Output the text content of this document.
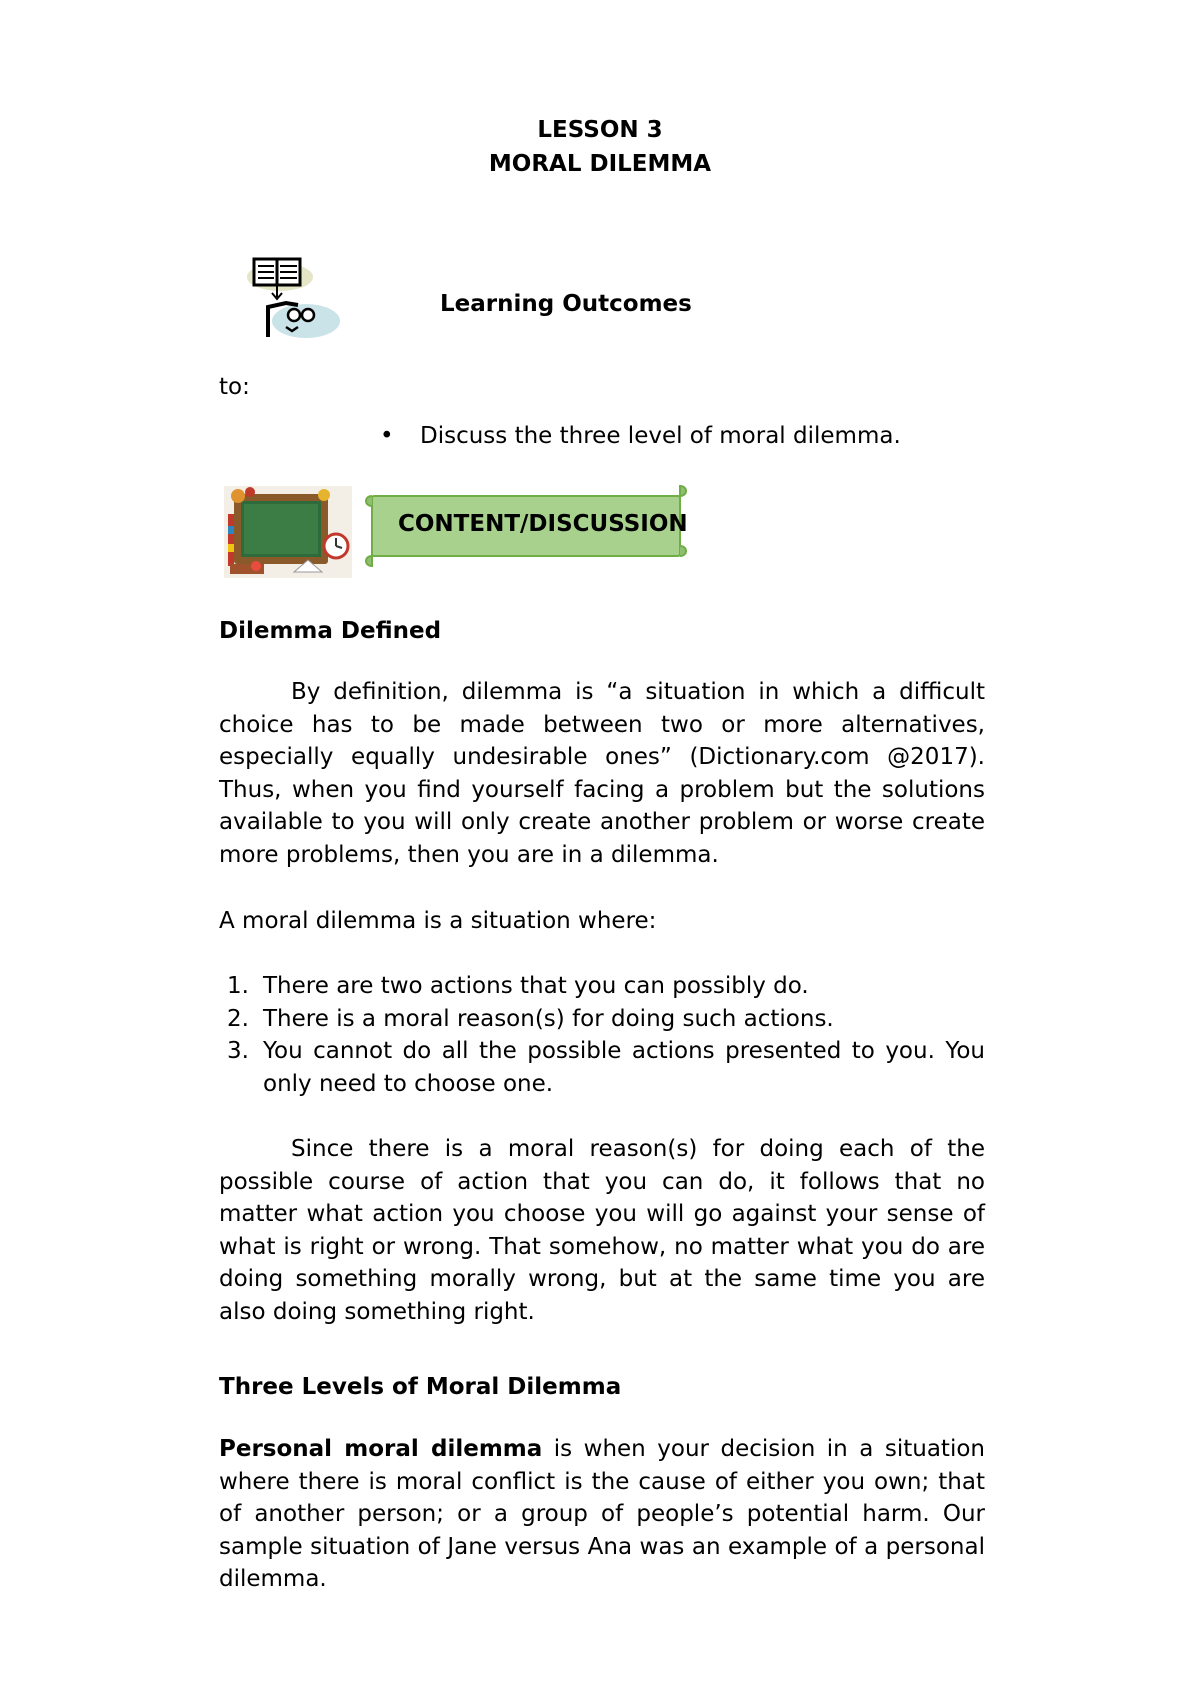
LESSON 3
MORAL DILEMMA
Learning Outcomes
to:
• Discuss the three level of moral dilemma.
CONTENT/DISCUSSION
Dilemma Defined
By definition, dilemma is “a situation in which a difficult choice has to be made between two or more alternatives, especially equally undesirable ones” (Dictionary.com @2017). Thus, when you find yourself facing a problem but the solutions available to you will only create another problem or worse create more problems, then you are in a dilemma.
A moral dilemma is a situation where:
1. There are two actions that you can possibly do.
2. There is a moral reason(s) for doing such actions.
3. You cannot do all the possible actions presented to you. You only need to choose one.
Since there is a moral reason(s) for doing each of the possible course of action that you can do, it follows that no matter what action you choose you will go against your sense of what is right or wrong. That somehow, no matter what you do are doing something morally wrong, but at the same time you are also doing something right.
Three Levels of Moral Dilemma
Personal moral dilemma is when your decision in a situation where there is moral conflict is the cause of either you own; that of another person; or a group of people’s potential harm. Our sample situation of Jane versus Ana was an example of a personal dilemma.
